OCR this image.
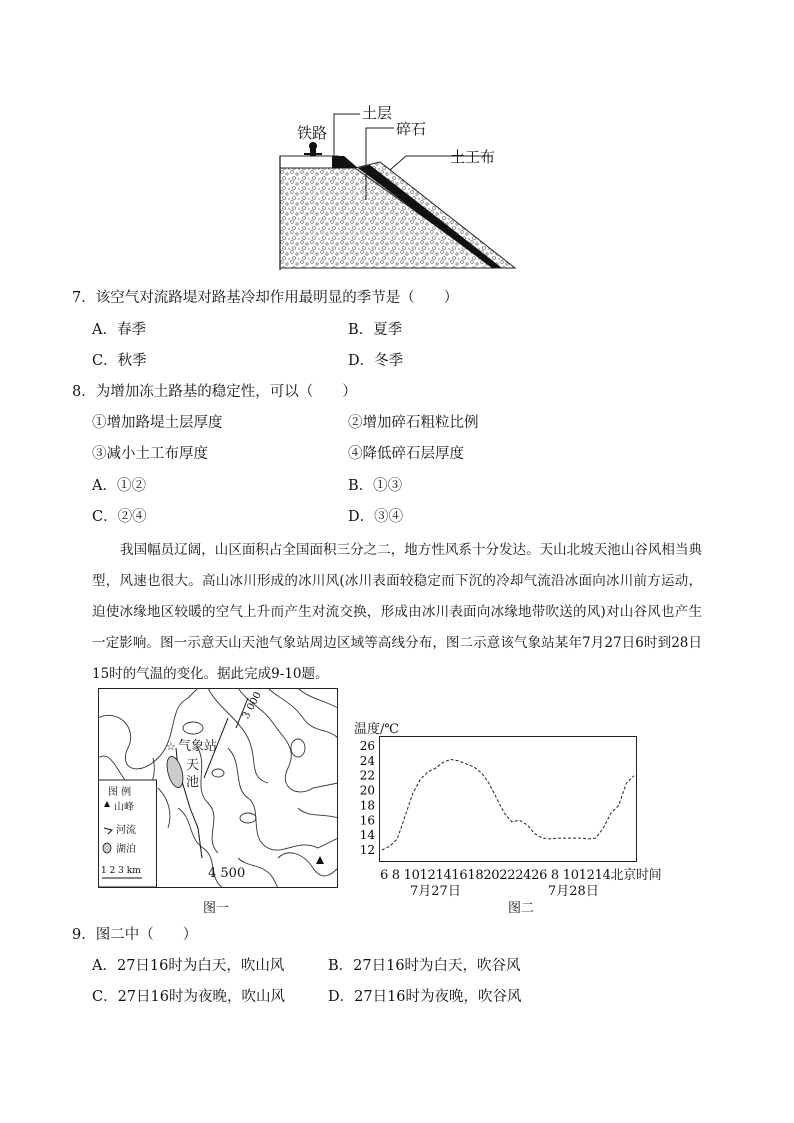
铁路
土层
碎石
土工布
7．该空气对流路堤对路基冷却作用最明显的季节是（　　）
A．春季	B．夏季
C．秋季	D．冬季
8．为增加冻土路基的稳定性，可以（　　）
①增加路堤土层厚度	②增加碎石粗粒比例
③减小土工布厚度	④降低碎石层厚度
A．①②	B．①③
C．②④	D．③④
我国幅员辽阔，山区面积占全国面积三分之二，地方性风系十分发达。天山北坡天池山谷风相当典型，风速也很大。高山冰川形成的冰川风(冰川表面较稳定而下沉的冷却气流沿冰面向冰川前方运动，迫使冰缘地区较暖的空气上升而产生对流交换，形成由冰川表面向冰缘地带吹送的风)对山谷风也产生一定影响。图一示意天山天池气象站周边区域等高线分布，图二示意该气象站某年7月27日6时到28日15时的气温的变化。据此完成9-10题。
☆ 气象站
天
池
3 000
4 500
图 例
山峰
河流
湖泊
1 2 3 km
图一
26
24
22
20
18
16
14
12
温度/℃
6 8 101214161820222426 8 101214北京时间
7月27日	7月28日
图二
9．图二中（　　）
A．27日16时为白天，吹山风	B．27日16时为白天，吹谷风
C．27日16时为夜晚，吹山风	D．27日16时为夜晚，吹谷风
